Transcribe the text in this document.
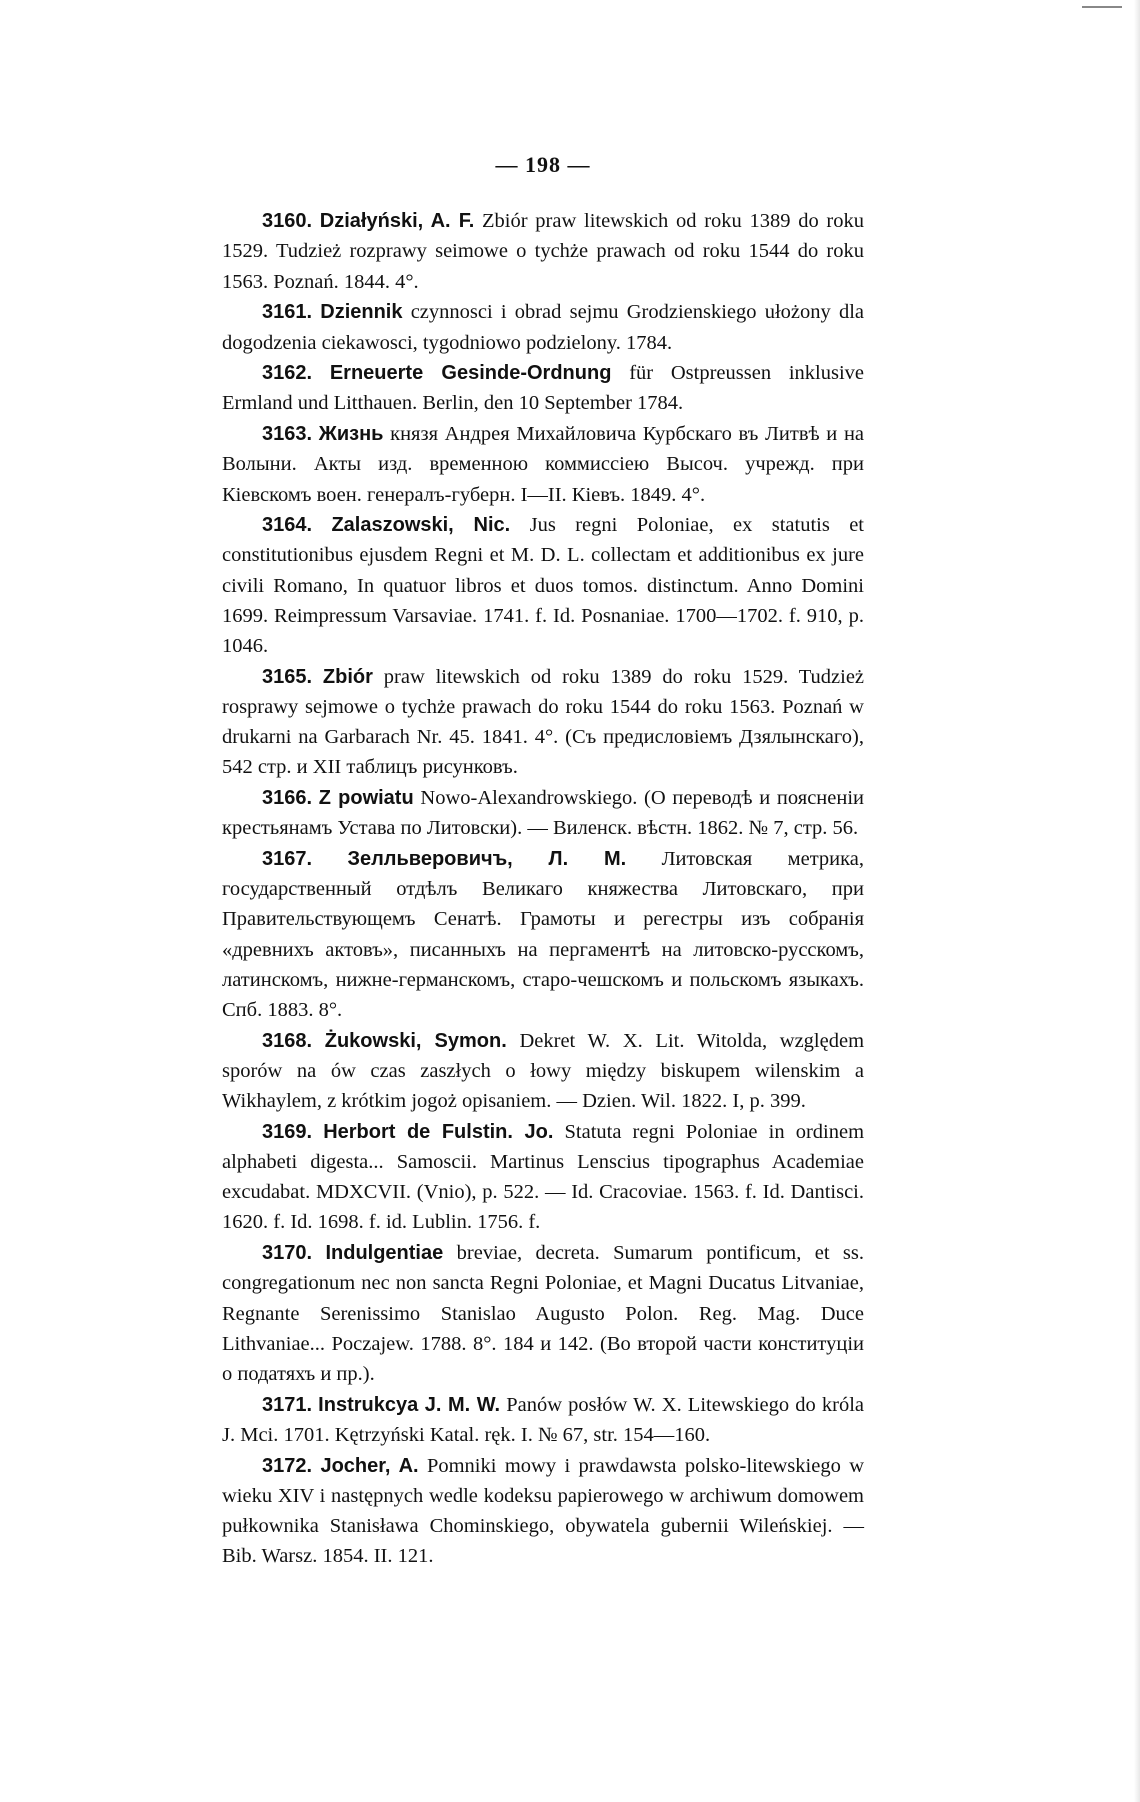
— 198 —

3160. Działyński, A. F. Zbiór praw litewskich od roku 1389 do roku 1529. Tudzież rozprawy seimowe o tychże prawach od roku 1544 do roku 1563. Poznań. 1844. 4°.

3161. Dziennik czynnosci i obrad sejmu Grodzienskiego ułożony dla dogodzenia ciekawosci, tygodniowo podzielony. 1784.

3162. Erneuerte Gesinde-Ordnung für Ostpreussen inklusive Ermland und Litthauen. Berlin, den 10 September 1784.

3163. Жизнь князя Андрея Михайловича Курбскаго въ Литвѣ и на Волыни. Акты изд. временною коммиссiею Высоч. учрежд. при Кiевскомъ воен. генералъ-губерн. I—II. Кiевъ. 1849. 4°.

3164. Zalaszowski, Nic. Jus regni Poloniae, ex statutis et constitutionibus ejusdem Regni et M. D. L. collectam et additionibus ex jure civili Romano, In quatuor libros et duos tomos. distinctum. Anno Domini 1699. Reimpressum Varsaviae. 1741. f. Id. Posnaniae. 1700—1702. f. 910, p. 1046.

3165. Zbiór praw litewskich od roku 1389 do roku 1529. Tudzież rosprawy sejmowe o tychże prawach do roku 1544 do roku 1563. Poznań w drukarni na Garbarach Nr. 45. 1841. 4°. (Съ предисловiемъ Дзялынскаго), 542 стр. и XII таблицъ рисунковъ.

3166. Z powiatu Nowo-Alexandrowskiego. (О переводѣ и поясненiи крестьянамъ Устава по Литовски). — Виленск. вѣстн. 1862. № 7, стр. 56.

3167. Зелльверовичъ, Л. М. Литовская метрика, государственный отдѣлъ Великаго княжества Литовскаго, при Правительствующемъ Сенатѣ. Грамоты и регестры изъ собранiя «древнихъ актовъ», писанныхъ на пергаментѣ на литовско-русскомъ, латинскомъ, нижне-германскомъ, старо-чешскомъ и польскомъ языкахъ. Спб. 1883. 8°.

3168. Żukowski, Symon. Dekret W. X. Lit. Witolda, względem sporów na ów czas zaszłych o łowy między biskupem wilenskim a Wikhaylem, z krótkim jogoż opisaniem. — Dzien. Wil. 1822. I, p. 399.

3169. Herbort de Fulstin. Jo. Statuta regni Poloniae in ordinem alphabeti digesta... Samoscii. Martinus Lenscius tipographus Academiae excudabat. MDXCVII. (Vnio), p. 522. — Id. Cracoviae. 1563. f. Id. Dantisci. 1620. f. Id. 1698. f. id. Lublin. 1756. f.

3170. Indulgentiae breviae, decreta. Sumarum pontificum, et ss. congregationum nec non sancta Regni Poloniae, et Magni Ducatus Litvaniae, Regnante Serenissimo Stanislao Augusto Polon. Reg. Mag. Duce Lithvaniae... Poczajew. 1788. 8°. 184 и 142. (Во второй части конституцiи о податяхъ и пр.).

3171. Instrukcya J. M. W. Panów posłów W. X. Litewskiego do króla J. Mci. 1701. Kętrzyński Katal. ręk. I. № 67, str. 154—160.

3172. Jocher, A. Pomniki mowy i prawdawsta polsko-litewskiego w wieku XIV i następnych wedle kodeksu papierowego w archiwum domowem pułkownika Stanisława Chominskiego, obywatela gubernii Wileńskiej. — Bib. Warsz. 1854. II. 121.
